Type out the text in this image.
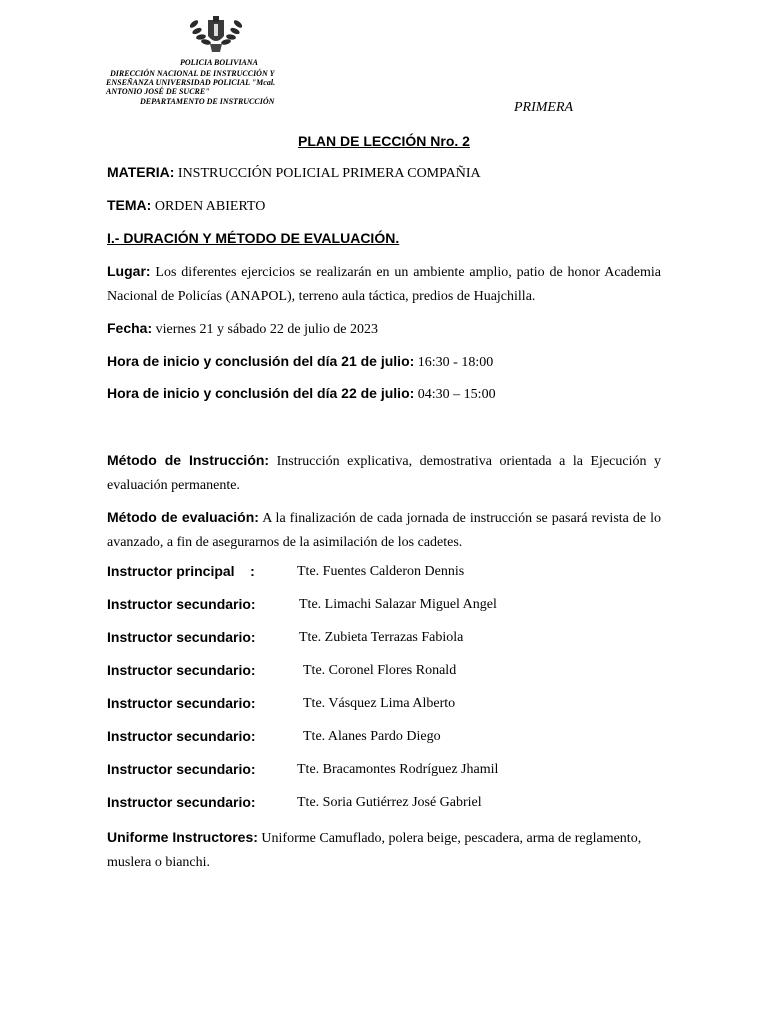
POLICIA BOLIVIANA
DIRECCIÓN NACIONAL DE INSTRUCCIÓN Y
ENSEÑANZA UNIVERSIDAD POLICIAL "Mcal.
ANTONIO JOSÉ DE SUCRE"
DEPARTAMENTO DE INSTRUCCIÓN	PRIMERA
PLAN DE LECCIÓN Nro. 2
MATERIA: INSTRUCCIÓN POLICIAL PRIMERA COMPAÑIA
TEMA: ORDEN ABIERTO
I.- DURACIÓN Y MÉTODO DE EVALUACIÓN.
Lugar: Los diferentes ejercicios se realizarán en un ambiente amplio, patio de honor Academia Nacional de Policías (ANAPOL), terreno aula táctica, predios de Huajchilla.
Fecha: viernes 21 y sábado 22 de julio de 2023
Hora de inicio y conclusión del día 21 de julio: 16:30 - 18:00
Hora de inicio y conclusión del día 22 de julio: 04:30 – 15:00
Método de Instrucción: Instrucción explicativa, demostrativa orientada a la Ejecución y evaluación permanente.
Método de evaluación: A la finalización de cada jornada de instrucción se pasará revista de lo avanzado, a fin de asegurarnos de la asimilación de los cadetes.
Instructor principal    :	Tte. Fuentes Calderon Dennis
Instructor secundario:	Tte. Limachi Salazar Miguel Angel
Instructor secundario:	Tte. Zubieta Terrazas Fabiola
Instructor secundario:	Tte. Coronel Flores Ronald
Instructor secundario:	Tte. Vásquez Lima Alberto
Instructor secundario:	Tte. Alanes Pardo Diego
Instructor secundario:	Tte. Bracamontes Rodríguez Jhamil
Instructor secundario:	Tte. Soria Gutiérrez José Gabriel
Uniforme Instructores: Uniforme Camuflado, polera beige, pescadera, arma de reglamento, muslera o bianchi.
